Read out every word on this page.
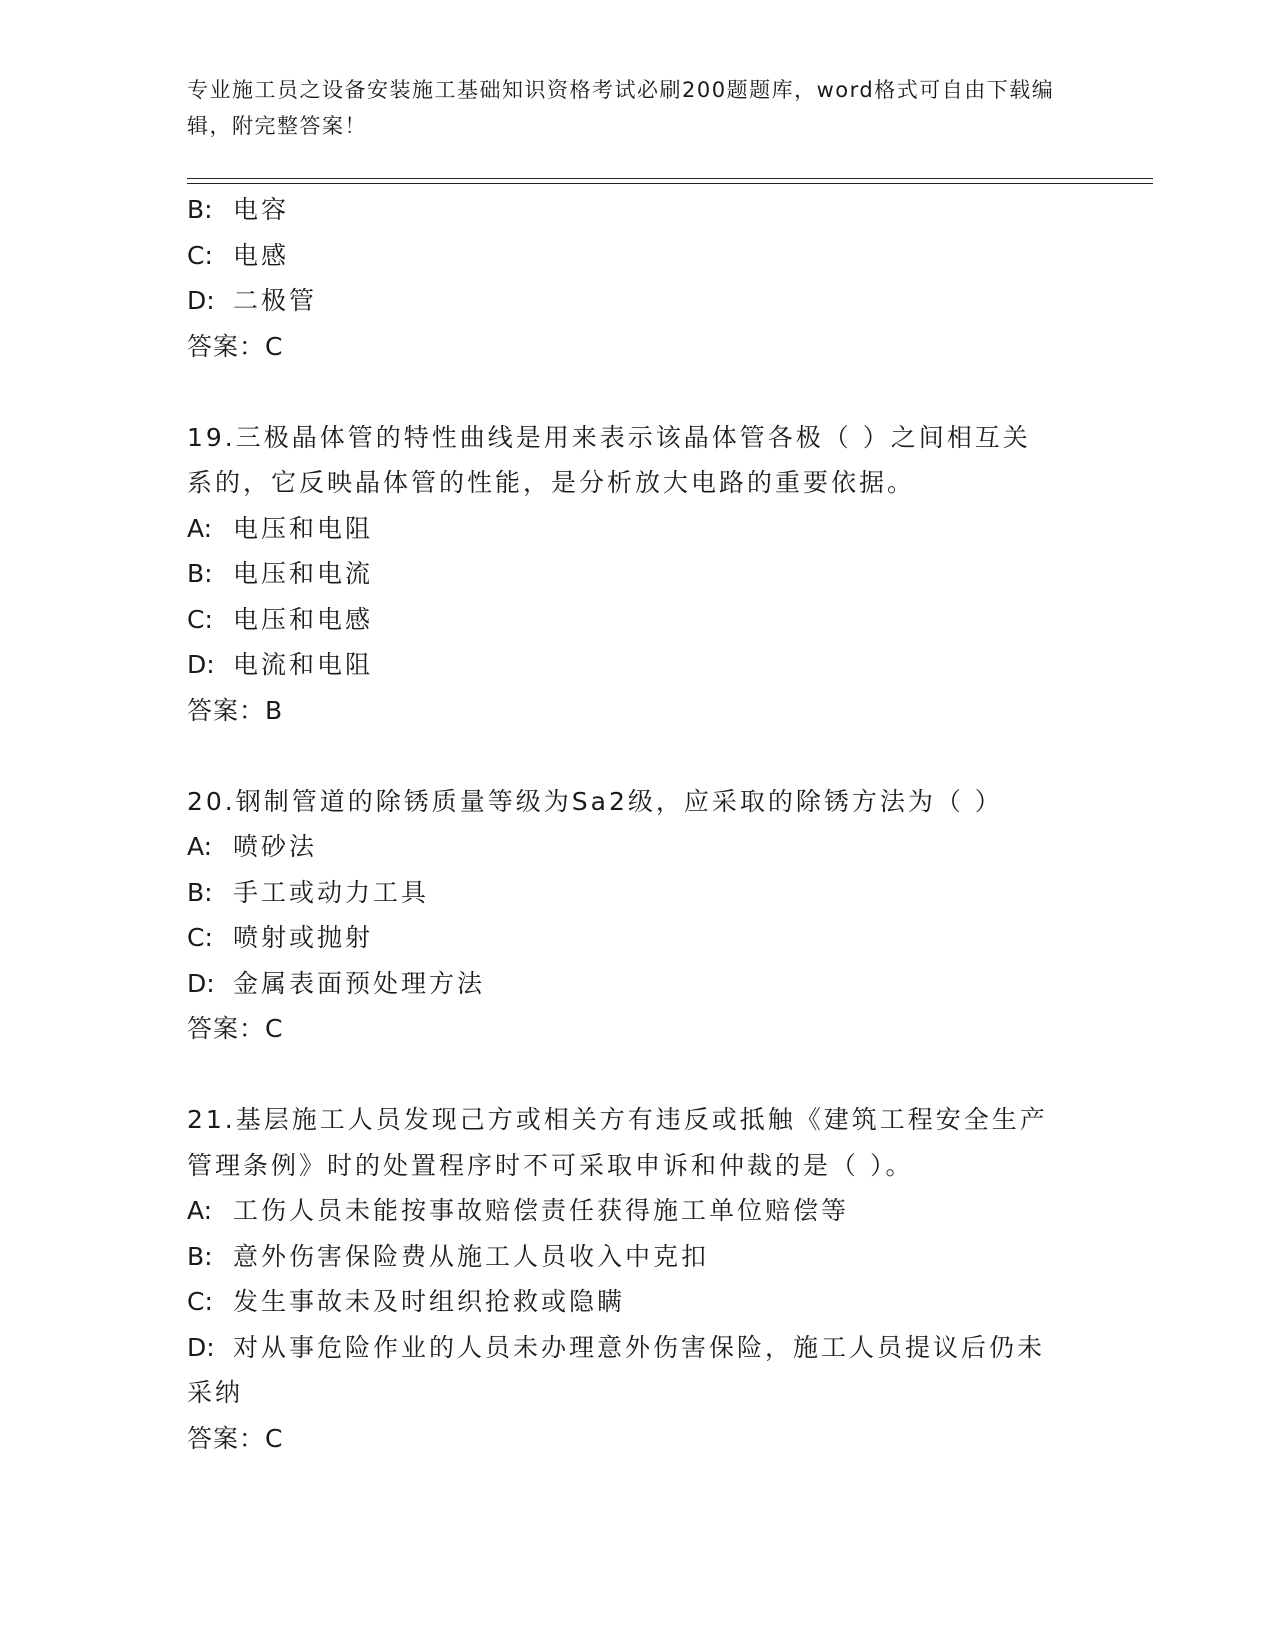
专业施工员之设备安装施工基础知识资格考试必刷200题题库，word格式可自由下载编辑，附完整答案！
B: 电容
C: 电感
D: 二极管
答案：C
19.三极晶体管的特性曲线是用来表示该晶体管各极（ ）之间相互关
系的，它反映晶体管的性能，是分析放大电路的重要依据。
A: 电压和电阻
B: 电压和电流
C: 电压和电感
D: 电流和电阻
答案：B
20.钢制管道的除锈质量等级为Sa2级，应采取的除锈方法为（ ）
A: 喷砂法
B: 手工或动力工具
C: 喷射或抛射
D: 金属表面预处理方法
答案：C
21.基层施工人员发现己方或相关方有违反或抵触《建筑工程安全生产
管理条例》时的处置程序时不可采取申诉和仲裁的是（ ）。
A: 工伤人员未能按事故赔偿责任获得施工单位赔偿等
B: 意外伤害保险费从施工人员收入中克扣
C: 发生事故未及时组织抢救或隐瞒
D: 对从事危险作业的人员未办理意外伤害保险，施工人员提议后仍未
采纳
答案：C
